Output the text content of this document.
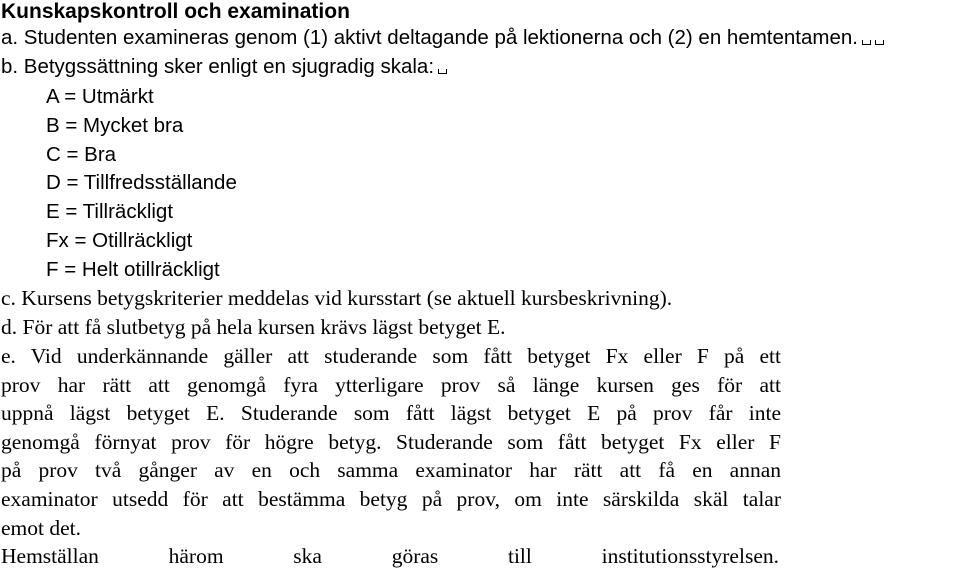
Kunskapskontroll och examination

a. Studenten examineras genom (1) aktivt deltagande på lektionerna och (2) en hemtentamen.

b. Betygssättning sker enligt en sjugradig skala:

A = Utmärkt

B = Mycket bra

C = Bra

D = Tillfredsställande

E = Tillräckligt

Fx = Otillräckligt

F = Helt otillräckligt

c. Kursens betygskriterier meddelas vid kursstart (se aktuell kursbeskrivning).

d. För att få slutbetyg på hela kursen krävs lägst betyget E.

e. Vid underkännande gäller att studerande som fått betyget Fx eller F på ett

prov har rätt att genomgå fyra ytterligare prov så länge kursen ges för att

uppnå lägst betyget E. Studerande som fått lägst betyget E på prov får inte

genomgå förnyat prov för högre betyg. Studerande som fått betyget Fx eller F

på prov två gånger av en och samma examinator har rätt att få en annan

examinator utsedd för att bestämma betyg på prov, om inte särskilda skäl talar

emot det.

Hemställan	härom	ska	göras	till	institutionsstyrelsen.
